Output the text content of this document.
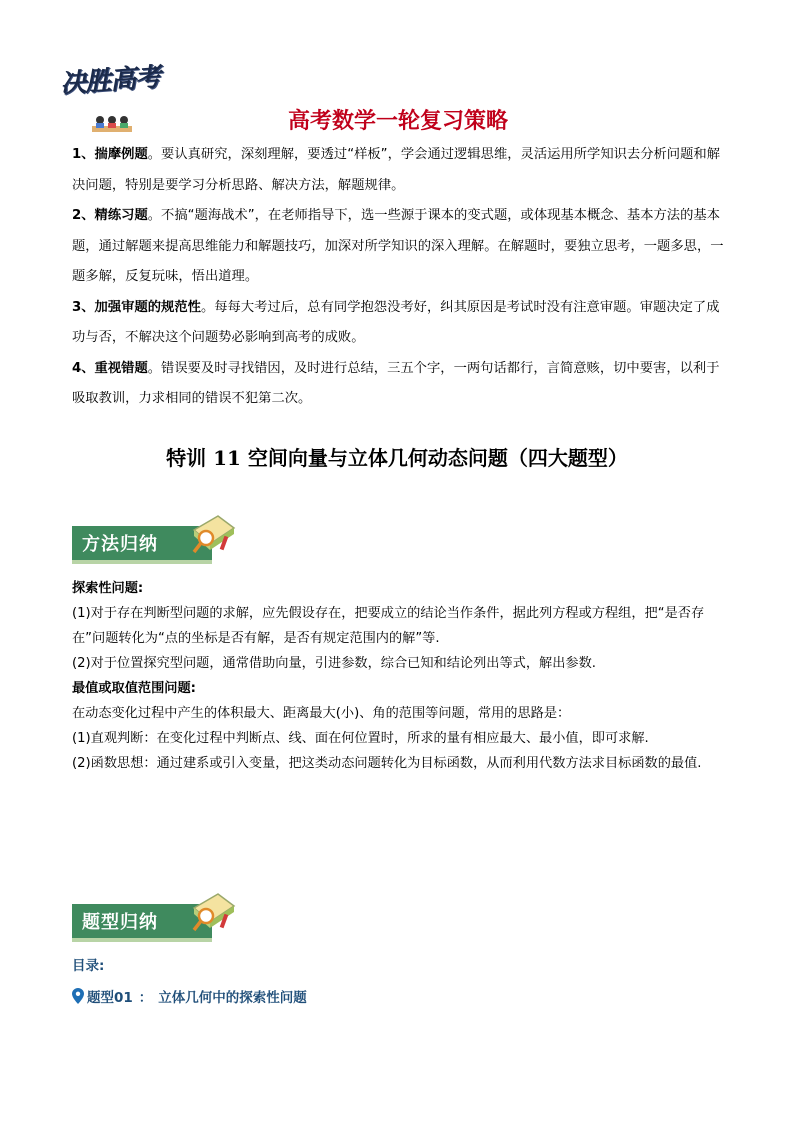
决胜高考
高考数学一轮复习策略

1、揣摩例题。要认真研究，深刻理解，要透过“样板”，学会通过逻辑思维，灵活运用所学知识去分析问题和解决问题，特别是要学习分析思路、解决方法，解题规律。

2、精练习题。不搞“题海战术”，在老师指导下，选一些源于课本的变式题，或体现基本概念、基本方法的基本题，通过解题来提高思维能力和解题技巧，加深对所学知识的深入理解。在解题时，要独立思考，一题多思，一题多解，反复玩味，悟出道理。

3、加强审题的规范性。每每大考过后，总有同学抱怨没考好，纠其原因是考试时没有注意审题。审题决定了成功与否，不解决这个问题势必影响到高考的成败。

4、重视错题。错误要及时寻找错因，及时进行总结，三五个字，一两句话都行，言简意赅，切中要害，以利于吸取教训，力求相同的错误不犯第二次。

特训 11 空间向量与立体几何动态问题（四大题型）
方法归纳

探索性问题:

(1)对于存在判断型问题的求解，应先假设存在，把要成立的结论当作条件，据此列方程或方程组，把“是否存在”问题转化为“点的坐标是否有解，是否有规定范围内的解”等.

(2)对于位置探究型问题，通常借助向量，引进参数，综合已知和结论列出等式，解出参数.

最值或取值范围问题:

在动态变化过程中产生的体积最大、距离最大(小)、角的范围等问题，常用的思路是：

(1)直观判断：在变化过程中判断点、线、面在何位置时，所求的量有相应最大、最小值，即可求解.

(2)函数思想：通过建系或引入变量，把这类动态问题转化为目标函数，从而利用代数方法求目标函数的最值.

题型归纳
目录:
题型01 ： 立体几何中的探索性问题
